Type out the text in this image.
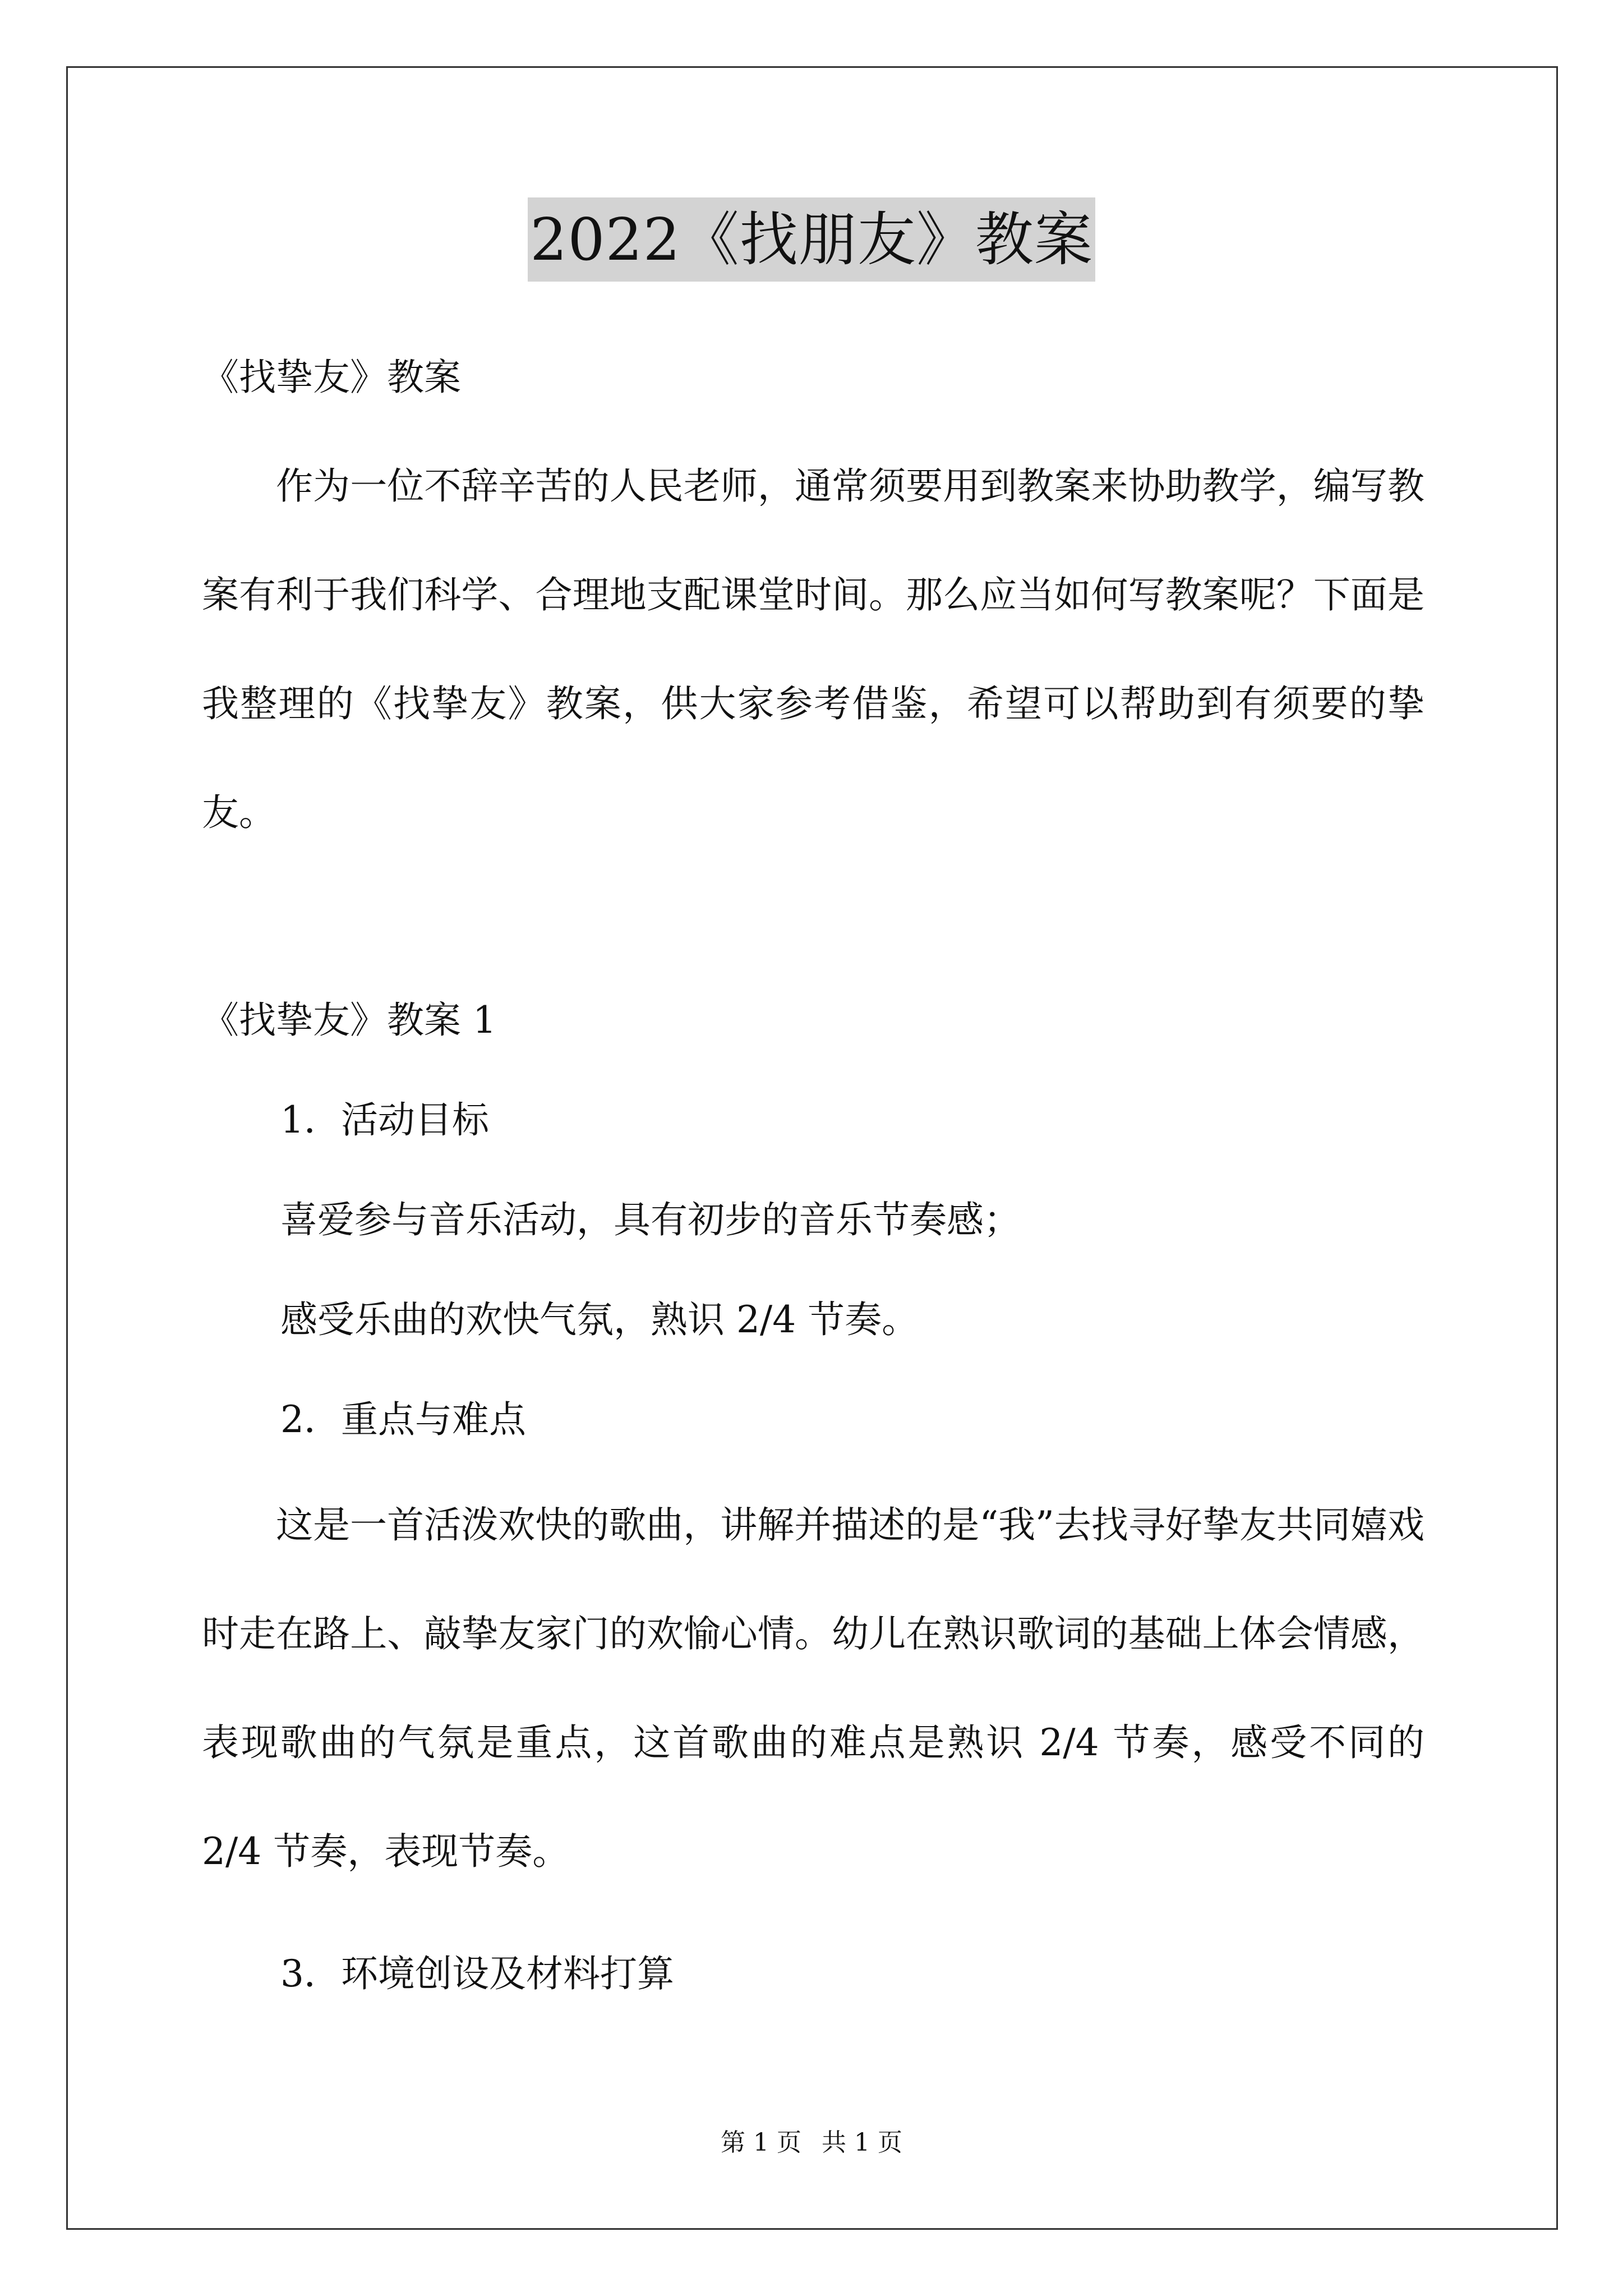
2022《找朋友》教案
《找挚友》教案
　　作为一位不辞辛苦的人民老师，通常须要用到教案来协助教学，编写教案有利于我们科学、合理地支配课堂时间。那么应当如何写教案呢？下面是我整理的《找挚友》教案，供大家参考借鉴，希望可以帮助到有须要的挚友。
《找挚友》教案 1
1．活动目标
喜爱参与音乐活动，具有初步的音乐节奏感；
感受乐曲的欢快气氛，熟识 2/4 节奏。
2．重点与难点
　　这是一首活泼欢快的歌曲，讲解并描述的是“我”去找寻好挚友共同嬉戏时走在路上、敲挚友家门的欢愉心情。幼儿在熟识歌词的基础上体会情感，表现歌曲的气氛是重点，这首歌曲的难点是熟识 2/4 节奏，感受不同的 2/4 节奏，表现节奏。
3．环境创设及材料打算
第 1 页 共 1 页
